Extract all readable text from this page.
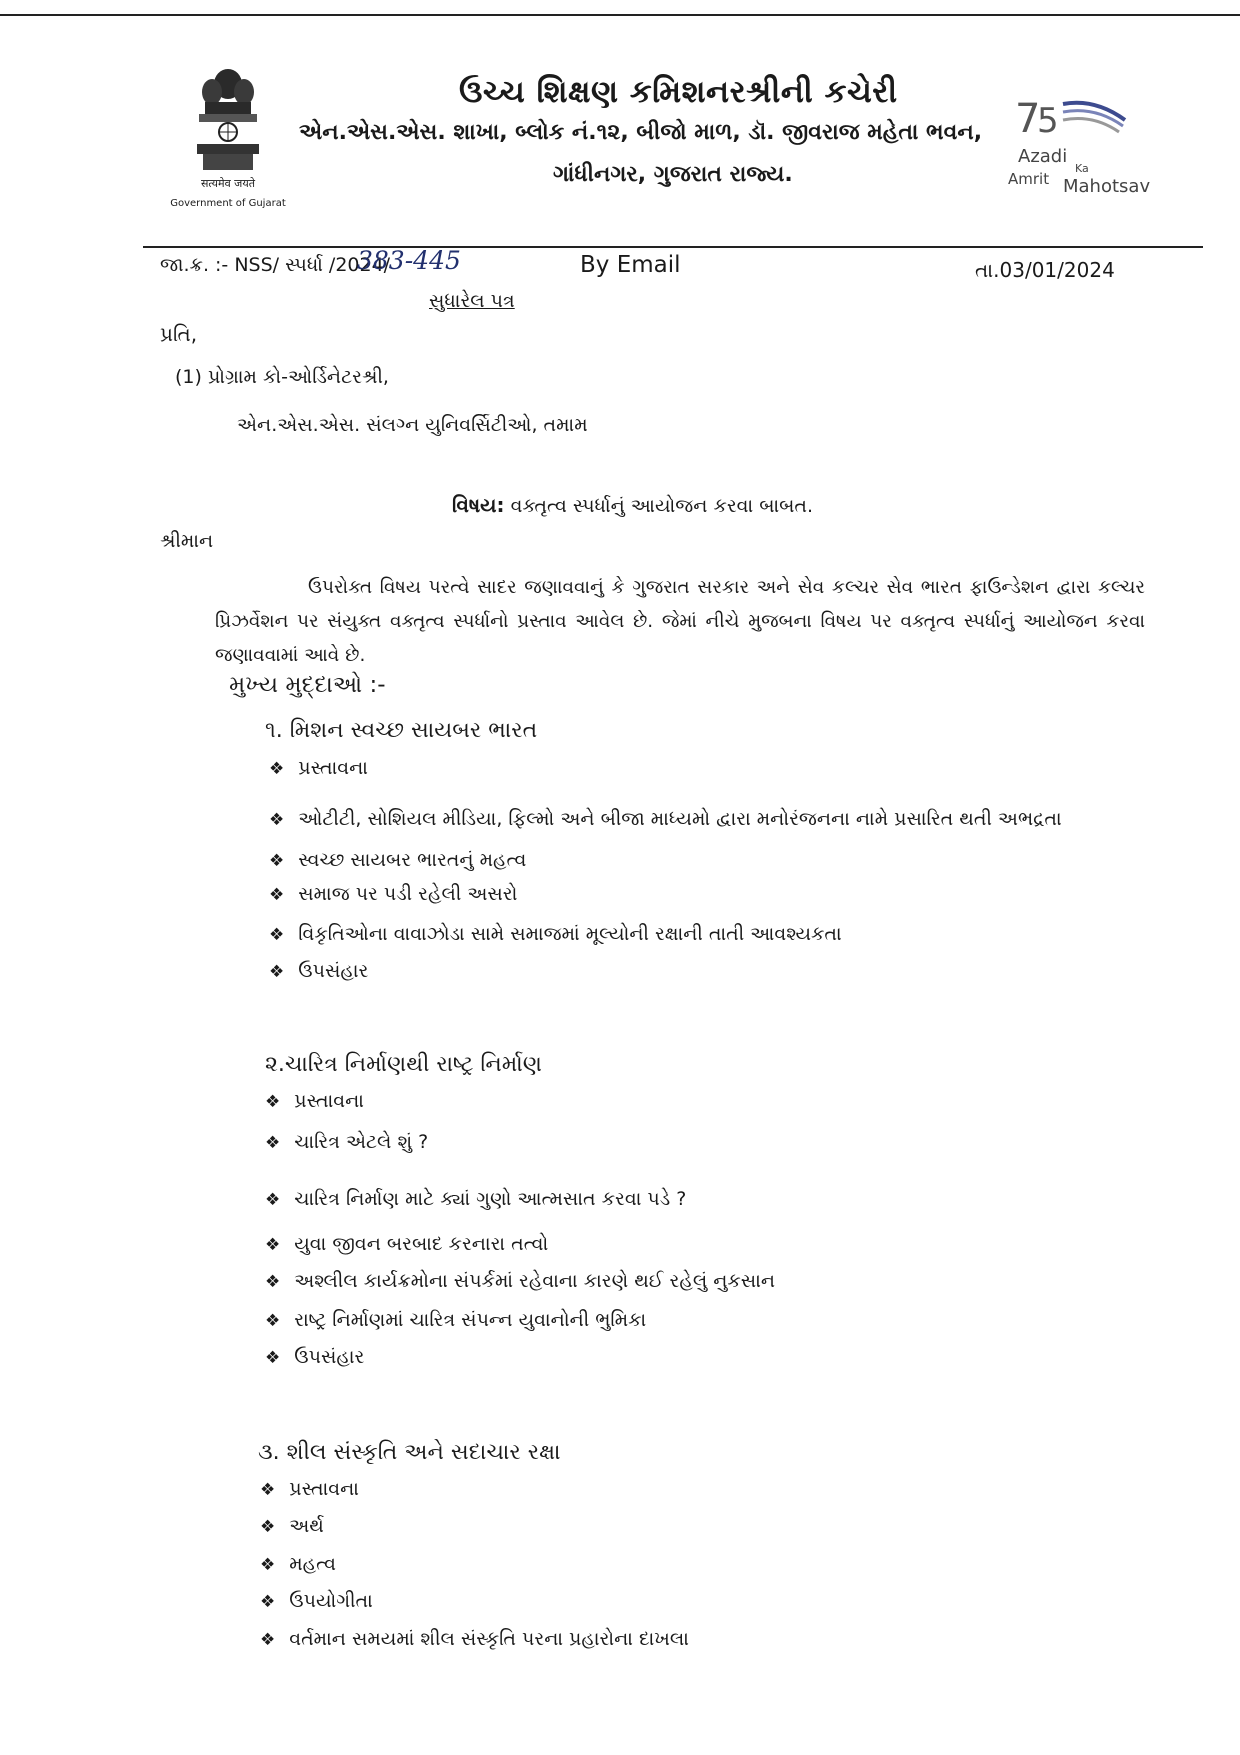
सत्यमेव जयते
Government of Gujarat
ઉચ્ચ શિક્ષણ કમિશનરશ્રીની કચેરી
એન.એસ.એસ. શાખા, બ્લોક નં.૧૨, બીજો માળ, ડૉ. જીવરાજ મહેતા ભવન,
ગાંધીનગર, ગુજરાત રાજ્ય.
7
5
Azadi
Ka
Amrit Mahotsav
જા.ક્ર. :- NSS/ સ્પર્ધા /2024/
383-445	By Email	તા.03/01/2024
સુધારેલ પત્ર
પ્રતિ,
(1) પ્રોગ્રામ કો-ઓર્ડિનેટરશ્રી,
એન.એસ.એસ. સંલગ્ન યુનિવર્સિટીઓ, તમામ
વિષય: વક્તૃત્વ સ્પર્ધાનું આયોજન કરવા બાબત.
શ્રીમાન
ઉપરોક્ત વિષય પરત્વે સાદર જણાવવાનું કે ગુજરાત સરકાર અને સેવ કલ્ચર સેવ ભારત ફાઉન્ડેશન દ્વારા કલ્ચર પ્રિઝર્વેશન પર સંયુક્ત વક્તૃત્વ સ્પર્ધાનો પ્રસ્તાવ આવેલ છે. જેમાં નીચે મુજબના વિષય પર વક્તૃત્વ સ્પર્ધાનું આયોજન કરવા જણાવવામાં આવે છે.
મુખ્ય મુદ્દાઓ :-
૧. મિશન સ્વચ્છ સાયબર ભારત
❖ પ્રસ્તાવના
❖ ઓટીટી, સોશિયલ મીડિયા, ફિલ્મો અને બીજા માધ્યમો દ્વારા મનોરંજનના નામે પ્રસારિત થતી અભદ્રતા
❖ સ્વચ્છ સાયબર ભારતનું મહત્વ
❖ સમાજ પર પડી રહેલી અસરો
❖ વિકૃતિઓના વાવાઝોડા સામે સમાજમાં મૂલ્યોની રક્ષાની તાતી આવશ્યકતા
❖ ઉપસંહાર
૨.ચારિત્ર નિર્માણથી રાષ્ટ્ર નિર્માણ
❖ પ્રસ્તાવના
❖ ચારિત્ર એટલે શું ?
❖ ચારિત્ર નિર્માણ માટે ક્યાં ગુણો આત્મસાત કરવા પડે ?
❖ યુવા જીવન બરબાદ કરનારા તત્વો
❖ અશ્લીલ કાર્યક્રમોના સંપર્કમાં રહેવાના કારણે થઈ રહેલું નુકસાન
❖ રાષ્ટ્ર નિર્માણમાં ચારિત્ર સંપન્ન યુવાનોની ભુમિકા
❖ ઉપસંહાર
૩. શીલ સંસ્કૃતિ અને સદાચાર રક્ષા
❖ પ્રસ્તાવના
❖ અર્થ
❖ મહત્વ
❖ ઉપયોગીતા
❖ વર્તમાન સમયમાં શીલ સંસ્કૃતિ પરના પ્રહારોના દાખલા
